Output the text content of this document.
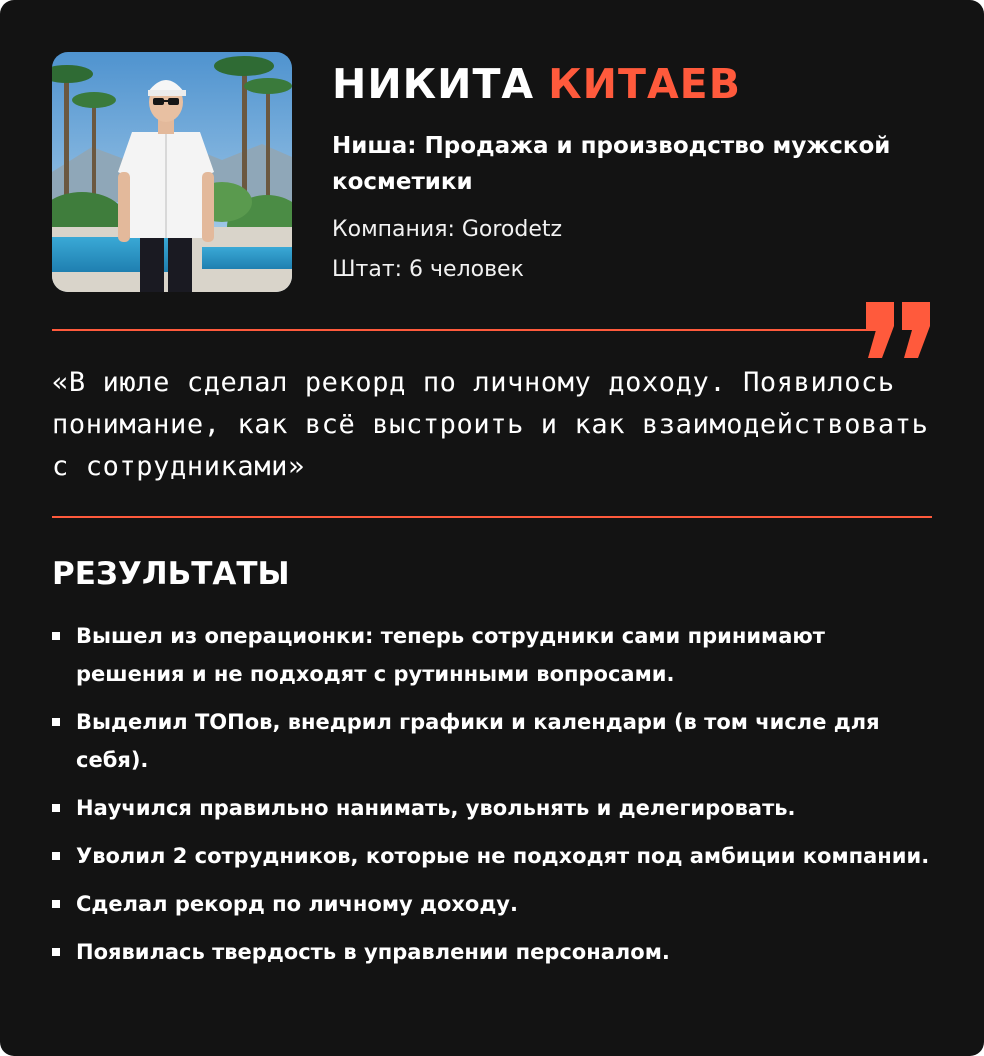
НИКИТА КИТАЕВ

Ниша: Продажа и производство мужской косметики

Компания: Gorodetz
Штат: 6 человек

«В июле сделал рекорд по личному доходу. Появилось понимание, как всё выстроить и как взаимодействовать с сотрудниками»

РЕЗУЛЬТАТЫ
Вышел из операционки: теперь сотрудники сами принимают решения и не подходят с рутинными вопросами.
Выделил ТОПов, внедрил графики и календари (в том числе для себя).
Научился правильно нанимать, увольнять и делегировать.
Уволил 2 сотрудников, которые не подходят под амбиции компании.
Сделал рекорд по личному доходу.
Появилась твердость в управлении персоналом.
